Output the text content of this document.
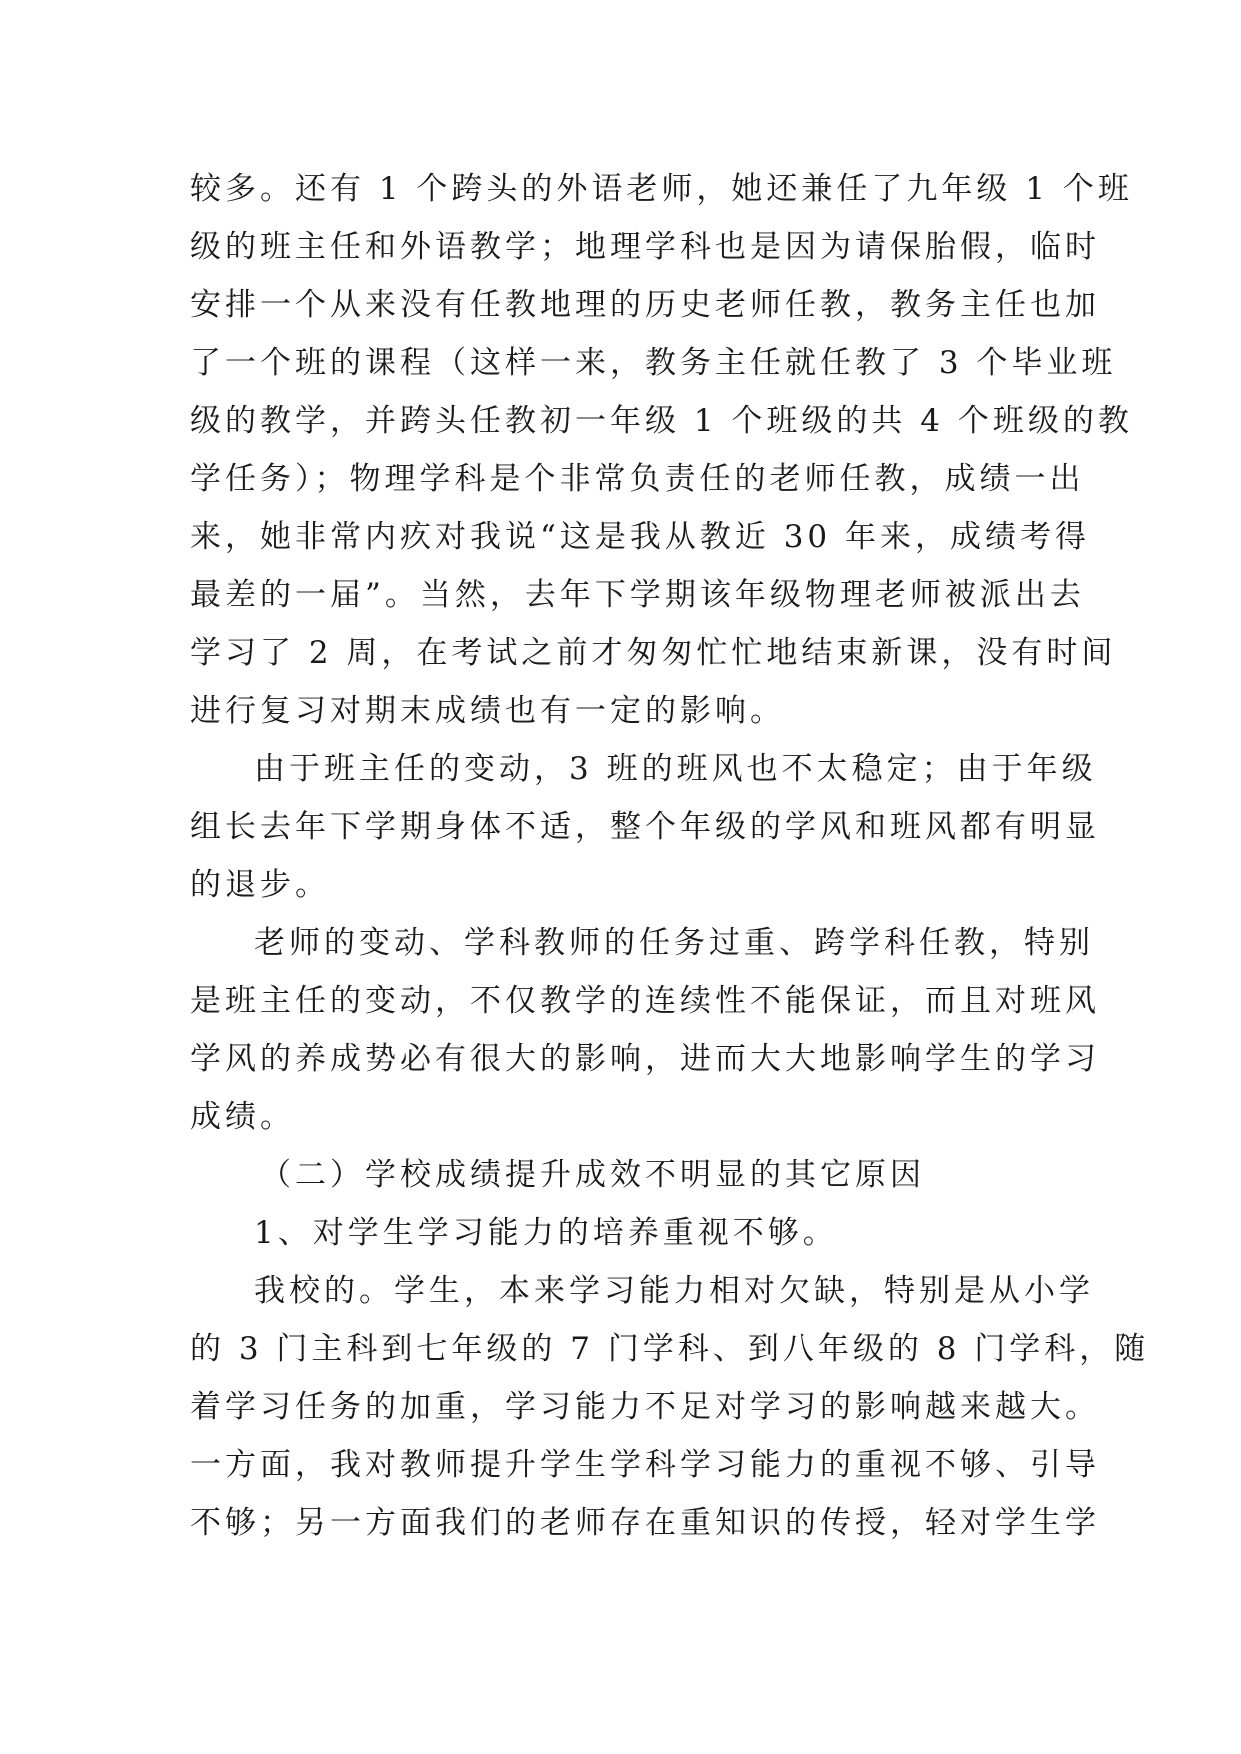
较多。还有 1 个跨头的外语老师，她还兼任了九年级 1 个班
级的班主任和外语教学；地理学科也是因为请保胎假，临时
安排一个从来没有任教地理的历史老师任教，教务主任也加
了一个班的课程（这样一来，教务主任就任教了 3 个毕业班
级的教学，并跨头任教初一年级 1 个班级的共 4 个班级的教
学任务）；物理学科是个非常负责任的老师任教，成绩一出
来，她非常内疚对我说“这是我从教近 30 年来，成绩考得
最差的一届”。当然，去年下学期该年级物理老师被派出去
学习了 2 周，在考试之前才匆匆忙忙地结束新课，没有时间
进行复习对期末成绩也有一定的影响。
由于班主任的变动，3 班的班风也不太稳定；由于年级
组长去年下学期身体不适，整个年级的学风和班风都有明显
的退步。
老师的变动、学科教师的任务过重、跨学科任教，特别
是班主任的变动，不仅教学的连续性不能保证，而且对班风
学风的养成势必有很大的影响，进而大大地影响学生的学习
成绩。
（二）学校成绩提升成效不明显的其它原因
1、对学生学习能力的培养重视不够。
我校的。学生，本来学习能力相对欠缺，特别是从小学
的 3 门主科到七年级的 7 门学科、到八年级的 8 门学科，随
着学习任务的加重，学习能力不足对学习的影响越来越大。
一方面，我对教师提升学生学科学习能力的重视不够、引导
不够；另一方面我们的老师存在重知识的传授，轻对学生学
